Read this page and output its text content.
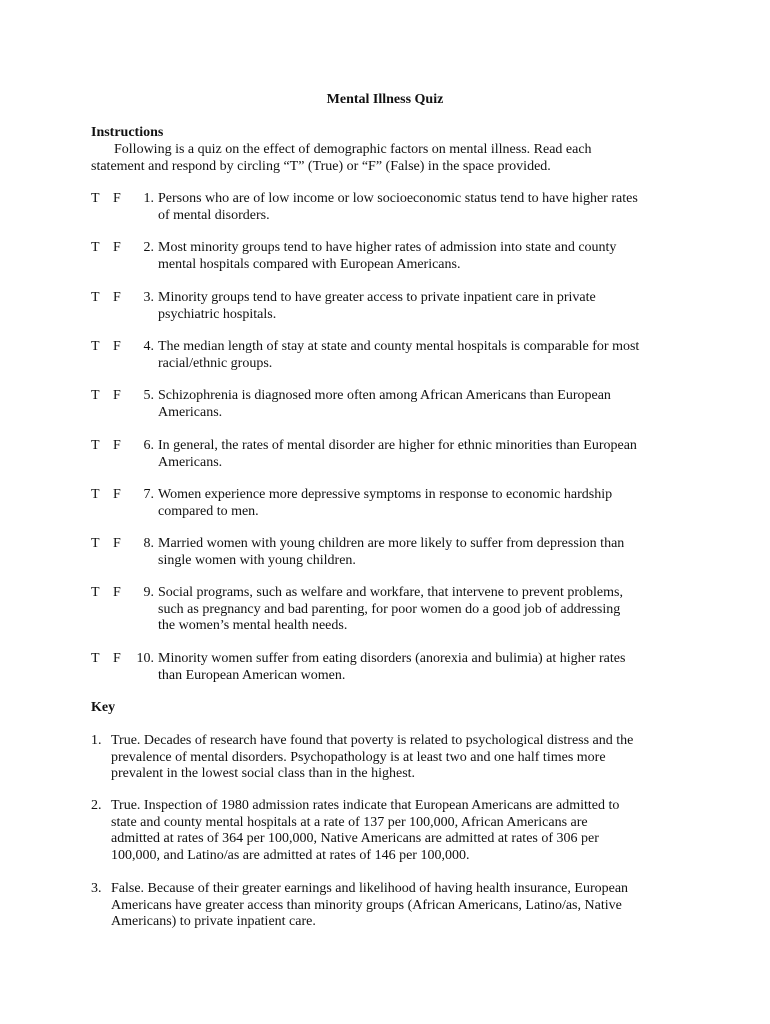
Mental Illness Quiz
Instructions
Following is a quiz on the effect of demographic factors on mental illness. Read each
statement and respond by circling “T” (True) or “F” (False) in the space provided.
T F	1. Persons who are of low income or low socioeconomic status tend to have higher rates
of mental disorders.
T F	2. Most minority groups tend to have higher rates of admission into state and county
mental hospitals compared with European Americans.
T F	3. Minority groups tend to have greater access to private inpatient care in private
psychiatric hospitals.
T F	4. The median length of stay at state and county mental hospitals is comparable for most
racial/ethnic groups.
T F	5. Schizophrenia is diagnosed more often among African Americans than European
Americans.
T F	6. In general, the rates of mental disorder are higher for ethnic minorities than European
Americans.
T F	7. Women experience more depressive symptoms in response to economic hardship
compared to men.
T F	8. Married women with young children are more likely to suffer from depression than
single women with young children.
T F	9. Social programs, such as welfare and workfare, that intervene to prevent problems,
such as pregnancy and bad parenting, for poor women do a good job of addressing
the women’s mental health needs.
T F	10. Minority women suffer from eating disorders (anorexia and bulimia) at higher rates
than European American women.
Key
1. True. Decades of research have found that poverty is related to psychological distress and the
prevalence of mental disorders. Psychopathology is at least two and one half times more
prevalent in the lowest social class than in the highest.
2. True. Inspection of 1980 admission rates indicate that European Americans are admitted to
state and county mental hospitals at a rate of 137 per 100,000, African Americans are
admitted at rates of 364 per 100,000, Native Americans are admitted at rates of 306 per
100,000, and Latino/as are admitted at rates of 146 per 100,000.
3. False. Because of their greater earnings and likelihood of having health insurance, European
Americans have greater access than minority groups (African Americans, Latino/as, Native
Americans) to private inpatient care.
